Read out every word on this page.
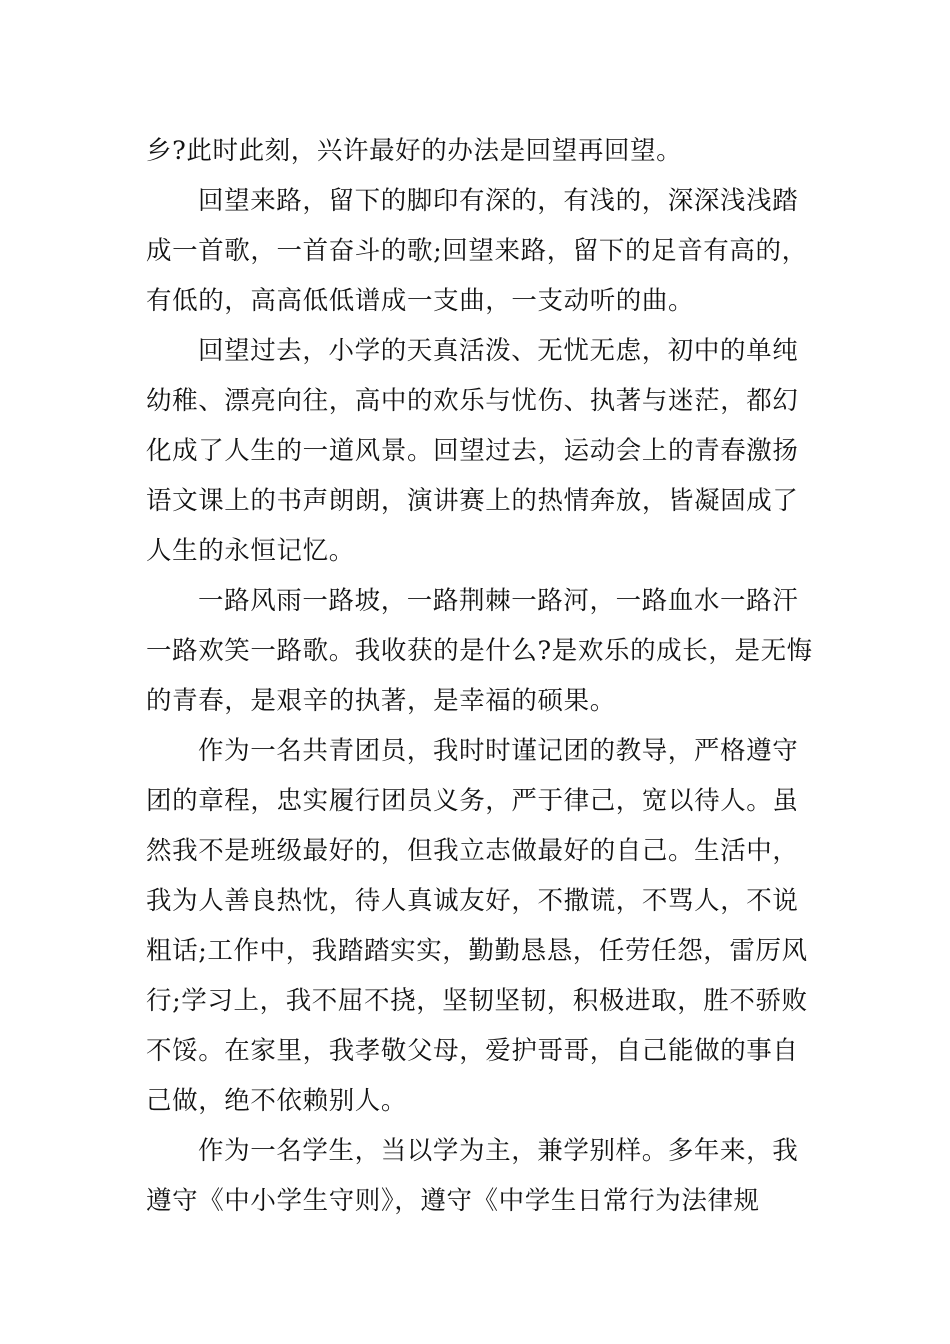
乡?此时此刻，兴许最好的办法是回望再回望。
回望来路，留下的脚印有深的，有浅的，深深浅浅踏
成一首歌，一首奋斗的歌;回望来路，留下的足音有高的，
有低的，高高低低谱成一支曲，一支动听的曲。
回望过去，小学的天真活泼、无忧无虑，初中的单纯
幼稚、漂亮向往，高中的欢乐与忧伤、执著与迷茫，都幻
化成了人生的一道风景。回望过去，运动会上的青春激扬
语文课上的书声朗朗，演讲赛上的热情奔放，皆凝固成了
人生的永恒记忆。
一路风雨一路坡，一路荆棘一路河，一路血水一路汗
一路欢笑一路歌。我收获的是什么?是欢乐的成长，是无悔
的青春，是艰辛的执著，是幸福的硕果。
作为一名共青团员，我时时谨记团的教导，严格遵守
团的章程，忠实履行团员义务，严于律己，宽以待人。虽
然我不是班级最好的，但我立志做最好的自己。生活中，
我为人善良热忱，待人真诚友好，不撒谎，不骂人，不说
粗话;工作中，我踏踏实实，勤勤恳恳，任劳任怨，雷厉风
行;学习上，我不屈不挠，坚韧坚韧，积极进取，胜不骄败
不馁。在家里，我孝敬父母，爱护哥哥，自己能做的事自
己做，绝不依赖别人。
作为一名学生，当以学为主，兼学别样。多年来，我
遵守《中小学生守则》，遵守《中学生日常行为法律规
